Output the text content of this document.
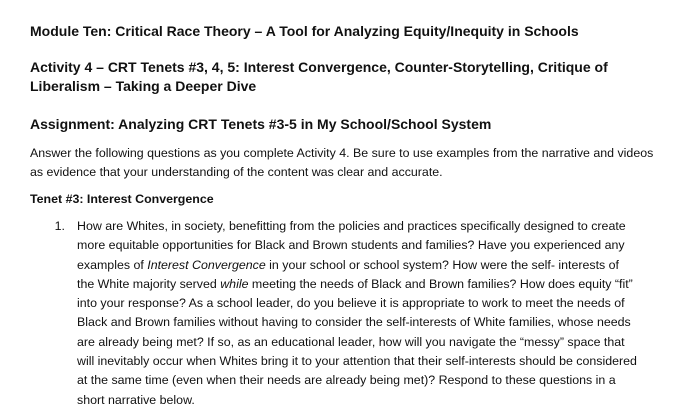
Module Ten: Critical Race Theory – A Tool for Analyzing Equity/Inequity in Schools

Activity 4 – CRT Tenets #3, 4, 5: Interest Convergence, Counter-Storytelling, Critique of Liberalism – Taking a Deeper Dive

Assignment: Analyzing CRT Tenets #3-5 in My School/School System

Answer the following questions as you complete Activity 4. Be sure to use examples from the narrative and videos as evidence that your understanding of the content was clear and accurate.

Tenet #3: Interest Convergence

1. How are Whites, in society, benefitting from the policies and practices specifically designed to create more equitable opportunities for Black and Brown students and families? Have you experienced any examples of Interest Convergence in your school or school system? How were the self- interests of the White majority served while meeting the needs of Black and Brown families? How does equity “fit” into your response? As a school leader, do you believe it is appropriate to work to meet the needs of Black and Brown families without having to consider the self-interests of White families, whose needs are already being met? If so, as an educational leader, how will you navigate the “messy” space that will inevitably occur when Whites bring it to your attention that their self-interests should be considered at the same time (even when their needs are already being met)? Respond to these questions in a short narrative below.
